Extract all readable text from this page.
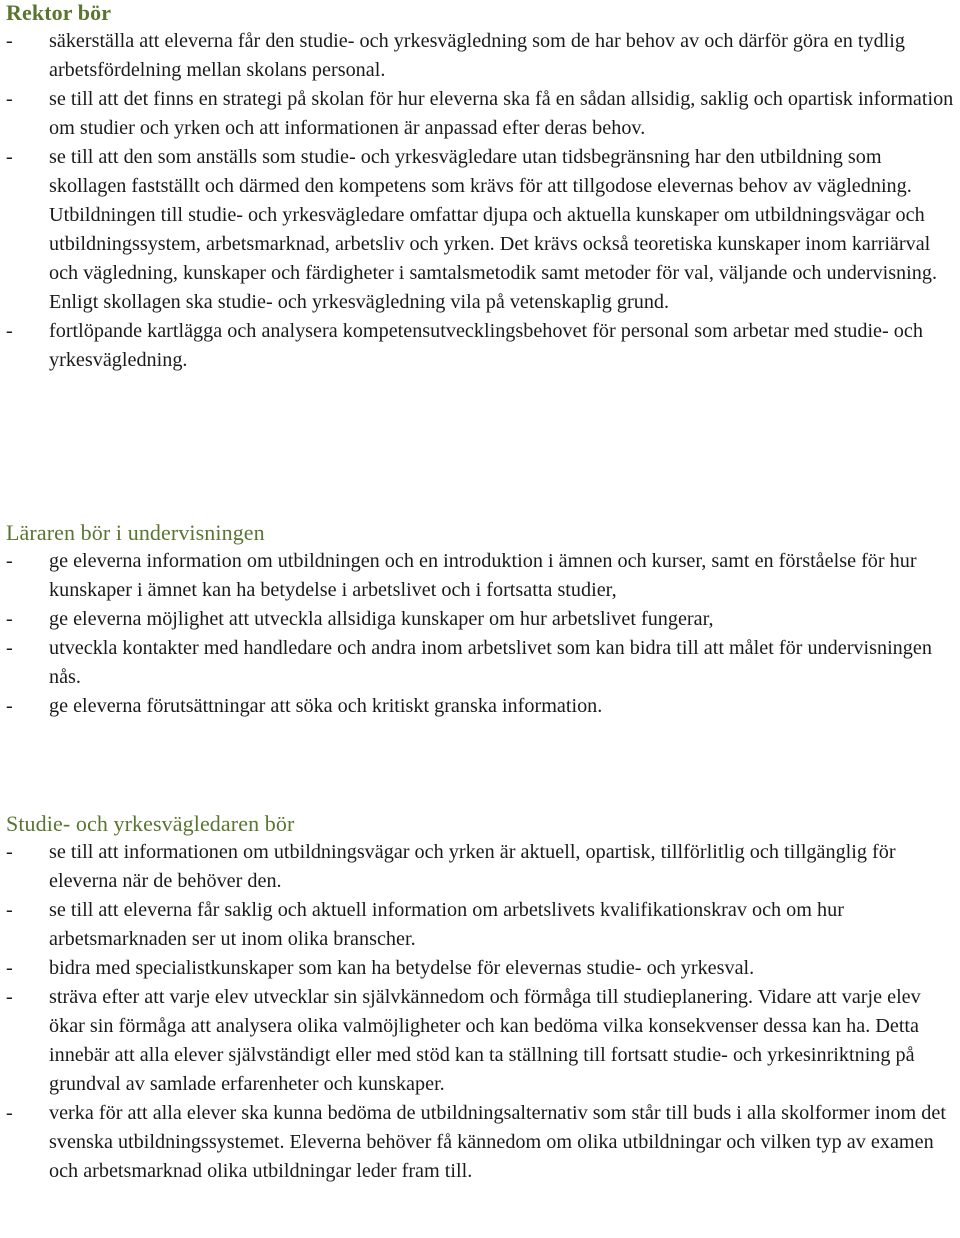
Rektor bör
- säkerställa att eleverna får den studie- och yrkesvägledning som de har behov av och därför göra en tydlig arbetsfördelning mellan skolans personal.
- se till att det finns en strategi på skolan för hur eleverna ska få en sådan allsidig, saklig och opartisk information om studier och yrken och att informationen är anpassad efter deras behov.
- se till att den som anställs som studie- och yrkesvägledare utan tidsbegränsning har den utbildning som skollagen fastställt och därmed den kompetens som krävs för att tillgodose elevernas behov av vägledning. Utbildningen till studie- och yrkesvägledare omfattar djupa och aktuella kunskaper om utbildningsvägar och utbildningssystem, arbetsmarknad, arbetsliv och yrken. Det krävs också teoretiska kunskaper inom karriärval och vägledning, kunskaper och färdigheter i samtalsmetodik samt metoder för val, väljande och undervisning. Enligt skollagen ska studie- och yrkesvägledning vila på vetenskaplig grund.
- fortlöpande kartlägga och analysera kompetensutvecklingsbehovet för personal som arbetar med studie- och yrkesvägledning.
Läraren bör i undervisningen
- ge eleverna information om utbildningen och en introduktion i ämnen och kurser, samt en förståelse för hur kunskaper i ämnet kan ha betydelse i arbetslivet och i fortsatta studier,
- ge eleverna möjlighet att utveckla allsidiga kunskaper om hur arbetslivet fungerar,
- utveckla kontakter med handledare och andra inom arbetslivet som kan bidra till att målet för undervisningen nås.
- ge eleverna förutsättningar att söka och kritiskt granska information.
Studie- och yrkesvägledaren bör
- se till att informationen om utbildningsvägar och yrken är aktuell, opartisk, tillförlitlig och tillgänglig för eleverna när de behöver den.
- se till att eleverna får saklig och aktuell information om arbetslivets kvalifikationskrav och om hur arbetsmarknaden ser ut inom olika branscher.
- bidra med specialistkunskaper som kan ha betydelse för elevernas studie- och yrkesval.
- sträva efter att varje elev utvecklar sin självkännedom och förmåga till studieplanering. Vidare att varje elev ökar sin förmåga att analysera olika valmöjligheter och kan bedöma vilka konsekvenser dessa kan ha. Detta innebär att alla elever självständigt eller med stöd kan ta ställning till fortsatt studie- och yrkesinriktning på grundval av samlade erfarenheter och kunskaper.
- verka för att alla elever ska kunna bedöma de utbildningsalternativ som står till buds i alla skolformer inom det svenska utbildningssystemet. Eleverna behöver få kännedom om olika utbildningar och vilken typ av examen och arbetsmarknad olika utbildningar leder fram till.
